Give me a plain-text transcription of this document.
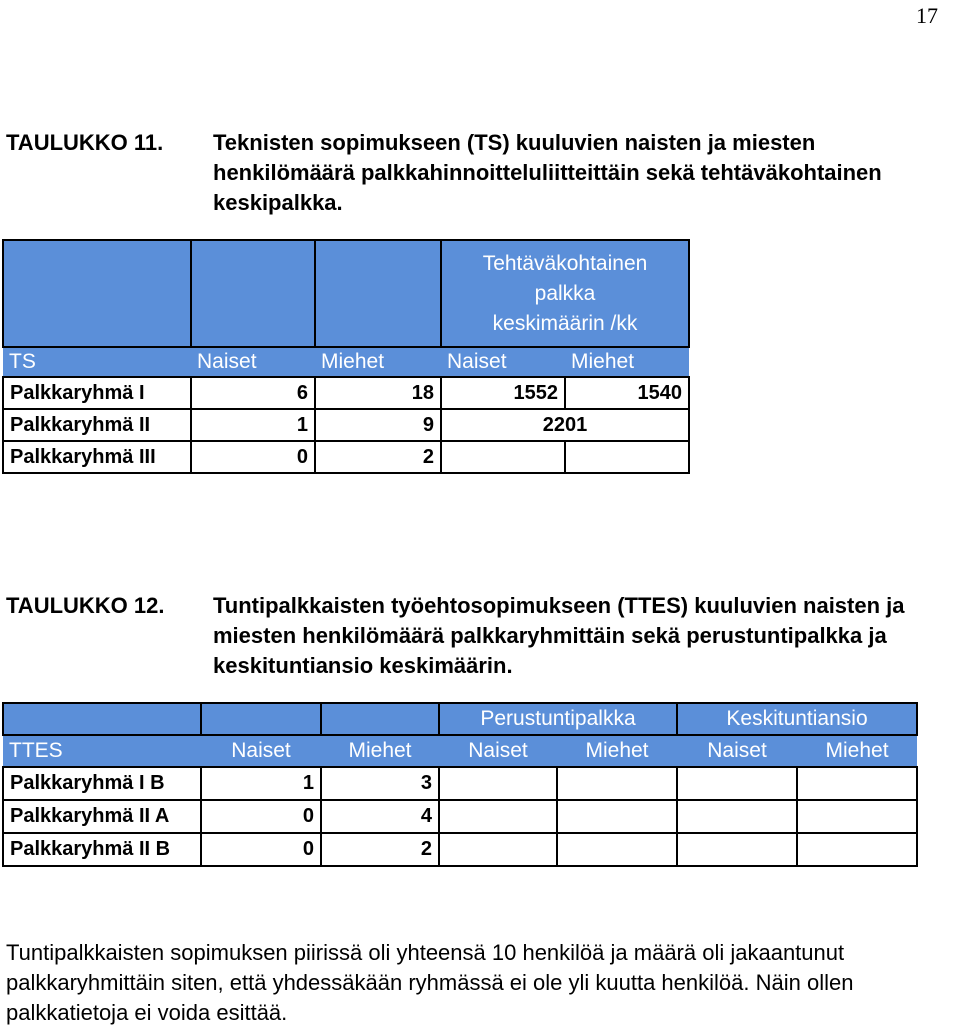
17
TAULUKKO 11. Teknisten sopimukseen (TS) kuuluvien naisten ja miesten henkilömäärä palkkahinnoitteluliitteittäin sekä tehtäväkohtainen keskipalkka.

			Tehtäväkohtainen
palkka
keskimäärin /kk	

TS	Naiset	Miehet	Naiset	Miehet
Palkkaryhmä I	6	18	1552	1540
Palkkaryhmä II	1	9	2201	
Palkkaryhmä III	0	2		
TAULUKKO 12. Tuntipalkkaisten työehtosopimukseen (TTES) kuuluvien naisten ja miesten henkilömäärä palkkaryhmittäin sekä perustuntipalkka ja keskituntiansio keskimäärin.
			Perustuntipalkka		Keskituntiansio	
TTES	Naiset	Miehet	Naiset	Miehet	Naiset	Miehet
Palkkaryhmä I B	1	3				
Palkkaryhmä II A	0	4				
Palkkaryhmä II B	0	2				
Tuntipalkkaisten sopimuksen piirissä oli yhteensä 10 henkilöä ja määrä oli jakaantunut palkkaryhmittäin siten, että yhdessäkään ryhmässä ei ole yli kuutta henkilöä. Näin ollen palkkatietoja ei voida esittää.
